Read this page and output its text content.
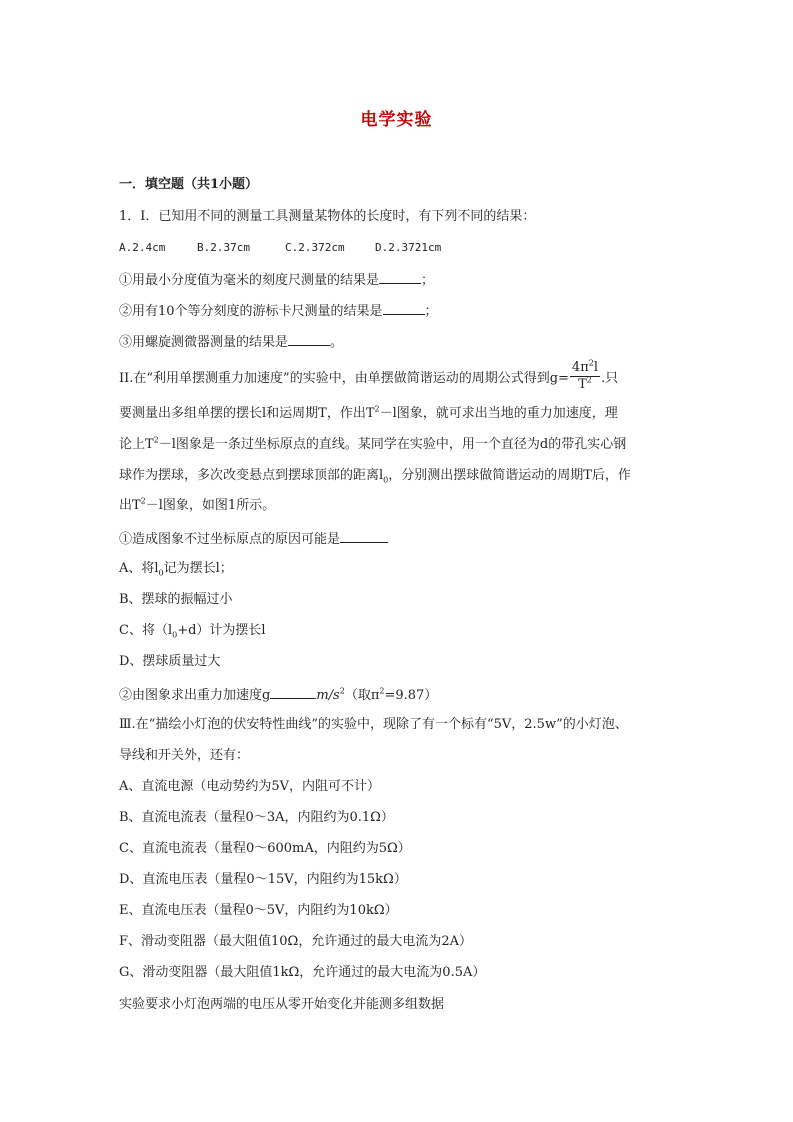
电学实验
一．填空题（共1小题）
1．Ⅰ．已知用不同的测量工具测量某物体的长度时，有下列不同的结果：
A.2.4cm	B.2.37cm	C.2.372cm	D.2.3721cm
①用最小分度值为毫米的刻度尺测量的结果是	；
②用有10个等分刻度的游标卡尺测量的结果是	；
③用螺旋测微器测量的结果是	。
II.在“利用单摆测重力加速度”的实验中，由单摆做简谐运动的周期公式得到$g= \frac{4\pi^2l}{T^2}$ .只
要测量出多组单摆的摆长l和运周期T，作出$T^2-l$图象，就可求出当地的重力加速度，理
论上$T^2-l$图象是一条过坐标原点的直线。某同学在实验中，用一个直径为d的带孔实心钢
球作为摆球，多次改变悬点到摆球顶部的距离$l_0$，分别测出摆球做简谐运动的周期T后，作
出$T^2-l$图象，如图1所示。
①造成图象不过坐标原点的原因可能是
A、将$l_0$记为摆长l；
B、摆球的振幅过小
C、将$(l_0+d)$计为摆长l
D、摆球质量过大
②由图象求出重力加速度g	$m/s^2$（取$\pi^2=9.87$）
Ⅲ.在“描绘小灯泡的伏安特性曲线”的实验中，现除了有一个标有“5V，2.5w”的小灯泡、
导线和开关外，还有：
A、直流电源（电动势约为5V，内阻可不计）
B、直流电流表（量程0～3A，内阻约为0.1Ω）
C、直流电流表（量程0～600mA，内阻约为5Ω）
D、直流电压表（量程0～15V，内阻约为15kΩ）
E、直流电压表（量程0～5V，内阻约为10kΩ）
F、滑动变阻器（最大阻值10Ω，允许通过的最大电流为2A）
G、滑动变阻器（最大阻值1kΩ，允许通过的最大电流为0.5A）
实验要求小灯泡两端的电压从零开始变化并能测多组数据
